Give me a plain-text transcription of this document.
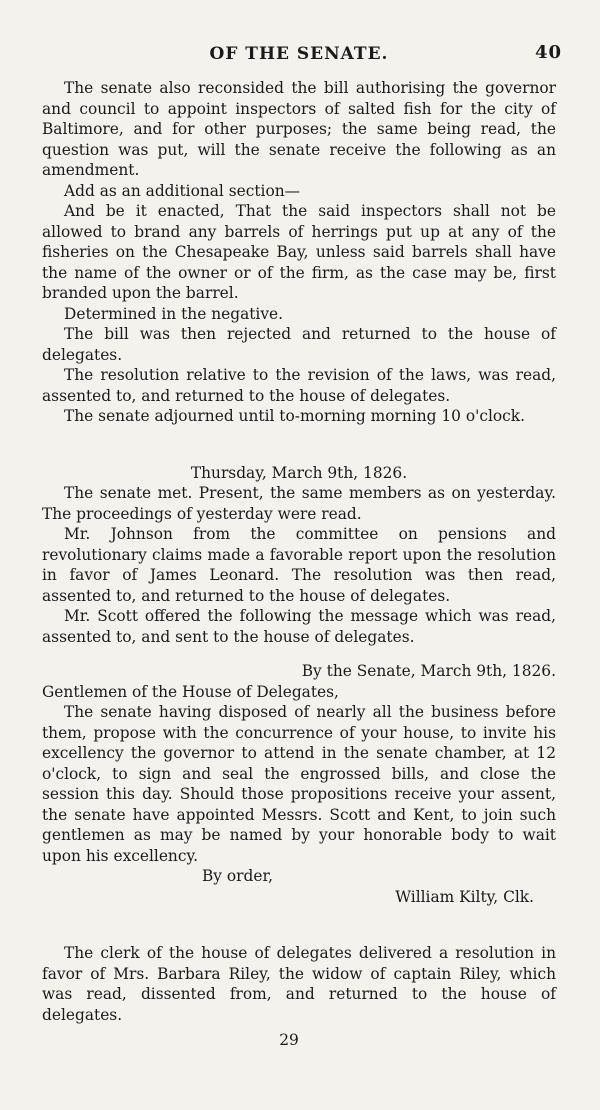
OF THE SENATE.	40

The senate also reconsided the bill authorising the governor and council to appoint inspectors of salted fish for the city of Baltimore, and for other purposes; the same being read, the question was put, will the senate receive the following as an amendment.

Add as an additional section—

And be it enacted, That the said inspectors shall not be allowed to brand any barrels of herrings put up at any of the fisheries on the Chesapeake Bay, unless said barrels shall have the name of the owner or of the firm, as the case may be, first branded upon the barrel.

Determined in the negative.

The bill was then rejected and returned to the house of delegates.

The resolution relative to the revision of the laws, was read, assented to, and returned to the house of delegates.

The senate adjourned until to-morning morning 10 o'clock.

Thursday, March 9th, 1826.

The senate met. Present, the same members as on yesterday. The proceedings of yesterday were read.

Mr. Johnson from the committee on pensions and revolutionary claims made a favorable report upon the resolution in favor of James Leonard. The resolution was then read, assented to, and returned to the house of delegates.

Mr. Scott offered the following the message which was read, assented to, and sent to the house of delegates.

By the Senate, March 9th, 1826.

Gentlemen of the House of Delegates,

The senate having disposed of nearly all the business before them, propose with the concurrence of your house, to invite his excellency the governor to attend in the senate chamber, at 12 o'clock, to sign and seal the engrossed bills, and close the session this day. Should those propositions receive your assent, the senate have appointed Messrs. Scott and Kent, to join such gentlemen as may be named by your honorable body to wait upon his excellency.

By order,

William Kilty, Clk.

The clerk of the house of delegates delivered a resolution in favor of Mrs. Barbara Riley, the widow of captain Riley, which was read, dissented from, and returned to the house of delegates.

29
